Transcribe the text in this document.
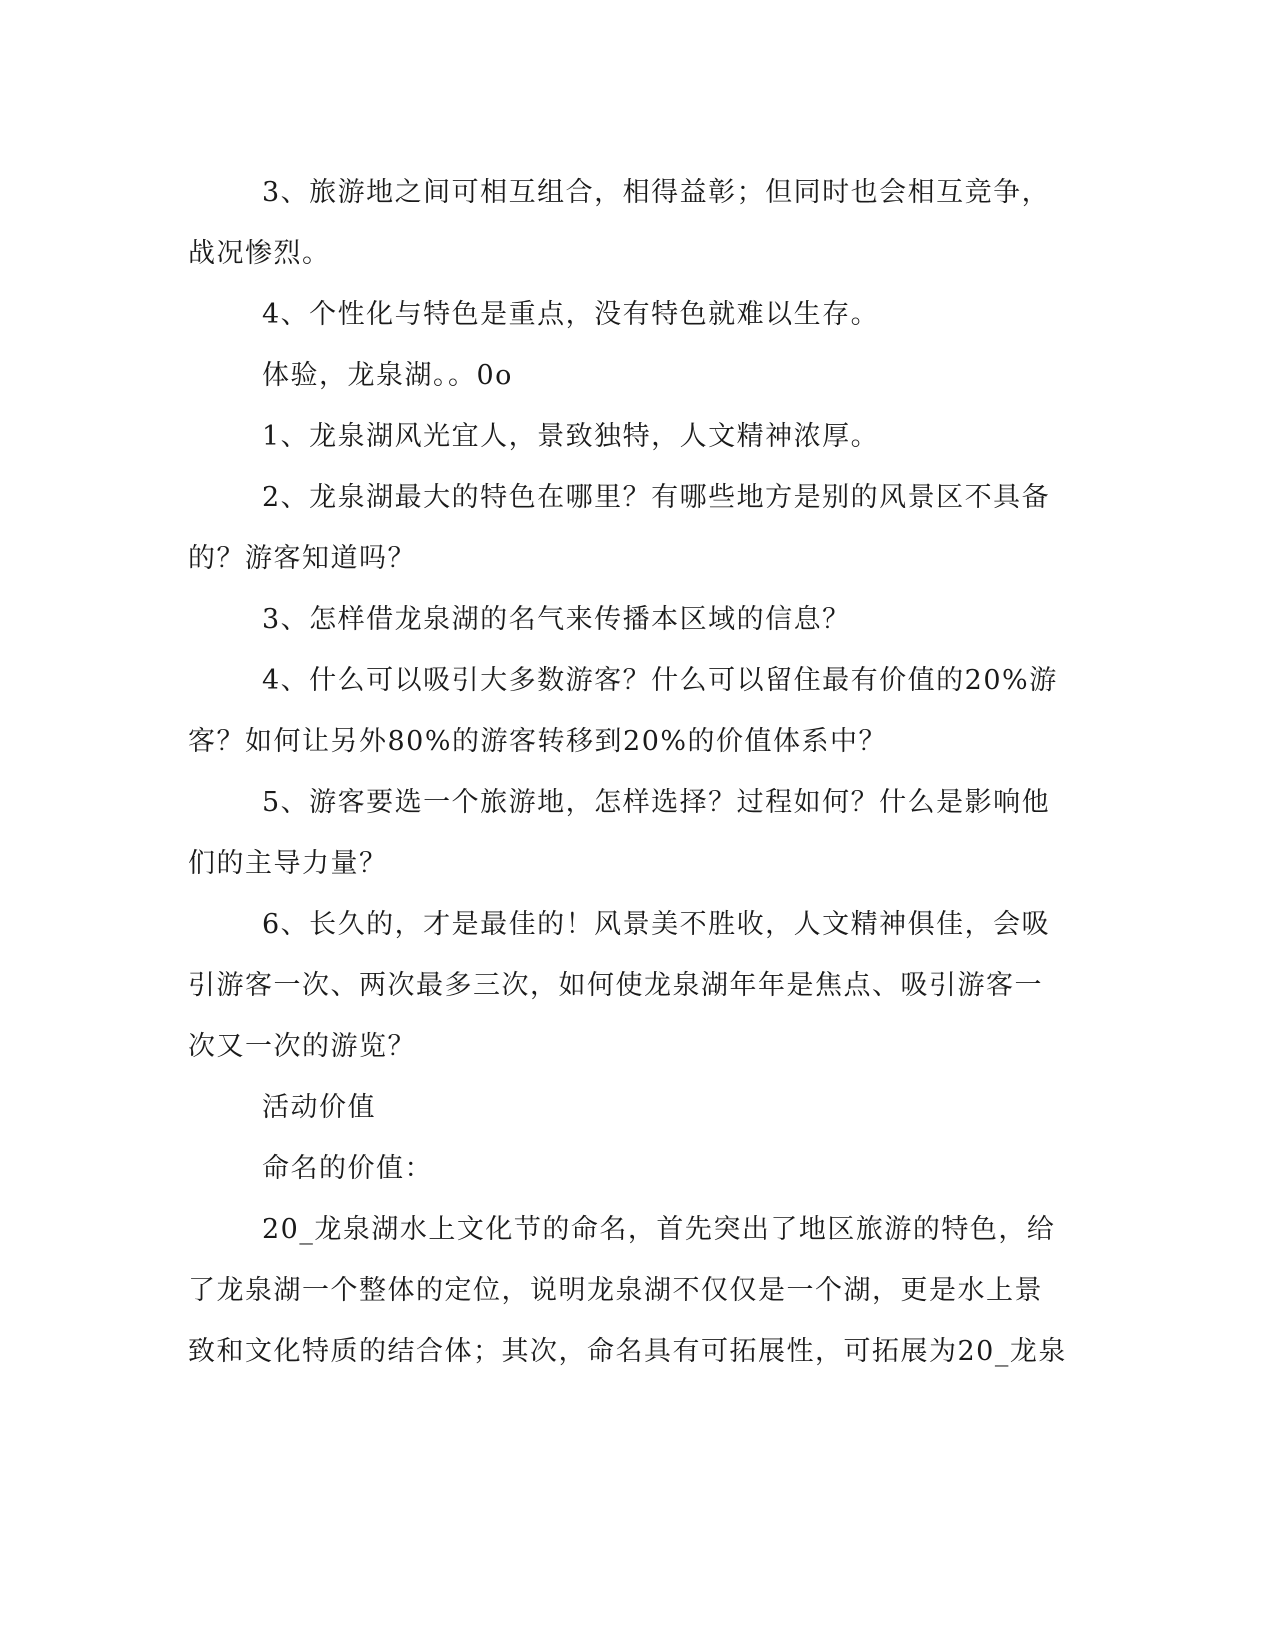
3、旅游地之间可相互组合，相得益彰；但同时也会相互竞争，
战况惨烈。

4、个性化与特色是重点，没有特色就难以生存。

体验，龙泉湖。。0o

1、龙泉湖风光宜人，景致独特，人文精神浓厚。

2、龙泉湖最大的特色在哪里？有哪些地方是别的风景区不具备
的？游客知道吗？

3、怎样借龙泉湖的名气来传播本区域的信息？

4、什么可以吸引大多数游客？什么可以留住最有价值的20%游
客？如何让另外80%的游客转移到20%的价值体系中？

5、游客要选一个旅游地，怎样选择？过程如何？什么是影响他
们的主导力量？

6、长久的，才是最佳的！风景美不胜收，人文精神俱佳，会吸
引游客一次、两次最多三次，如何使龙泉湖年年是焦点、吸引游客一
次又一次的游览？

活动价值

命名的价值：

20_龙泉湖水上文化节的命名，首先突出了地区旅游的特色，给
了龙泉湖一个整体的定位，说明龙泉湖不仅仅是一个湖，更是水上景
致和文化特质的结合体；其次，命名具有可拓展性，可拓展为20_龙泉
